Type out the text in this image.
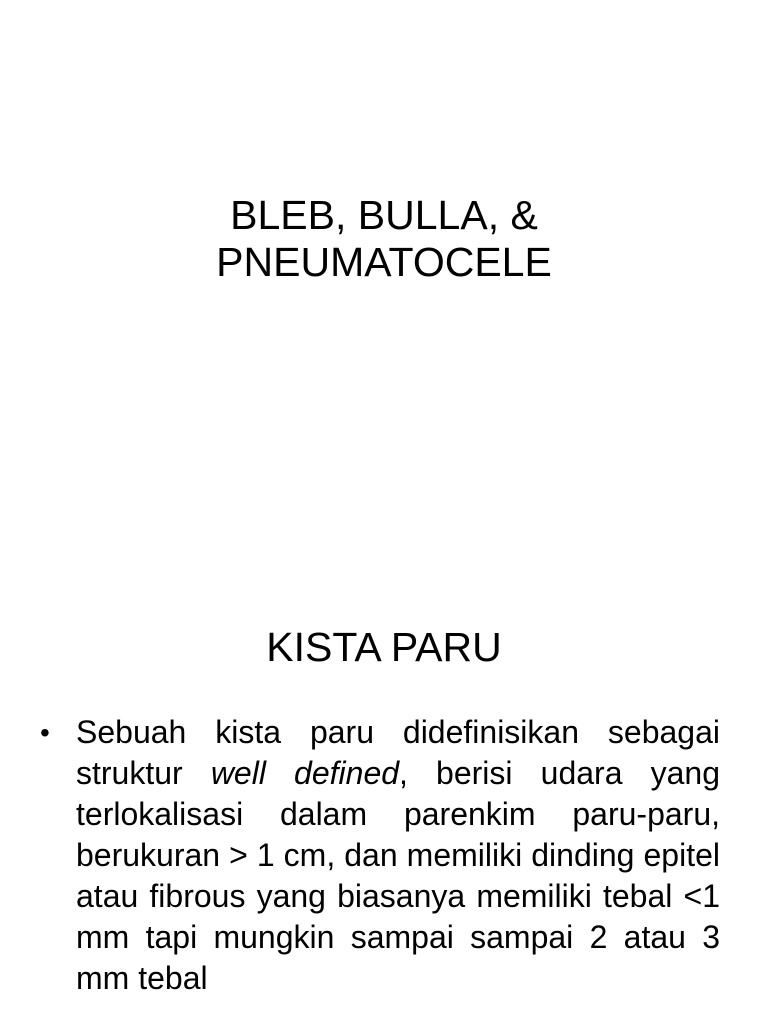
BLEB, BULLA, &
PNEUMATOCELE
KISTA PARU
• Sebuah kista paru didefinisikan sebagai struktur well defined, berisi udara yang terlokalisasi dalam parenkim paru-paru, berukuran > 1 cm, dan memiliki dinding epitel atau fibrous yang biasanya memiliki tebal <1 mm tapi mungkin sampai sampai 2 atau 3 mm tebal
